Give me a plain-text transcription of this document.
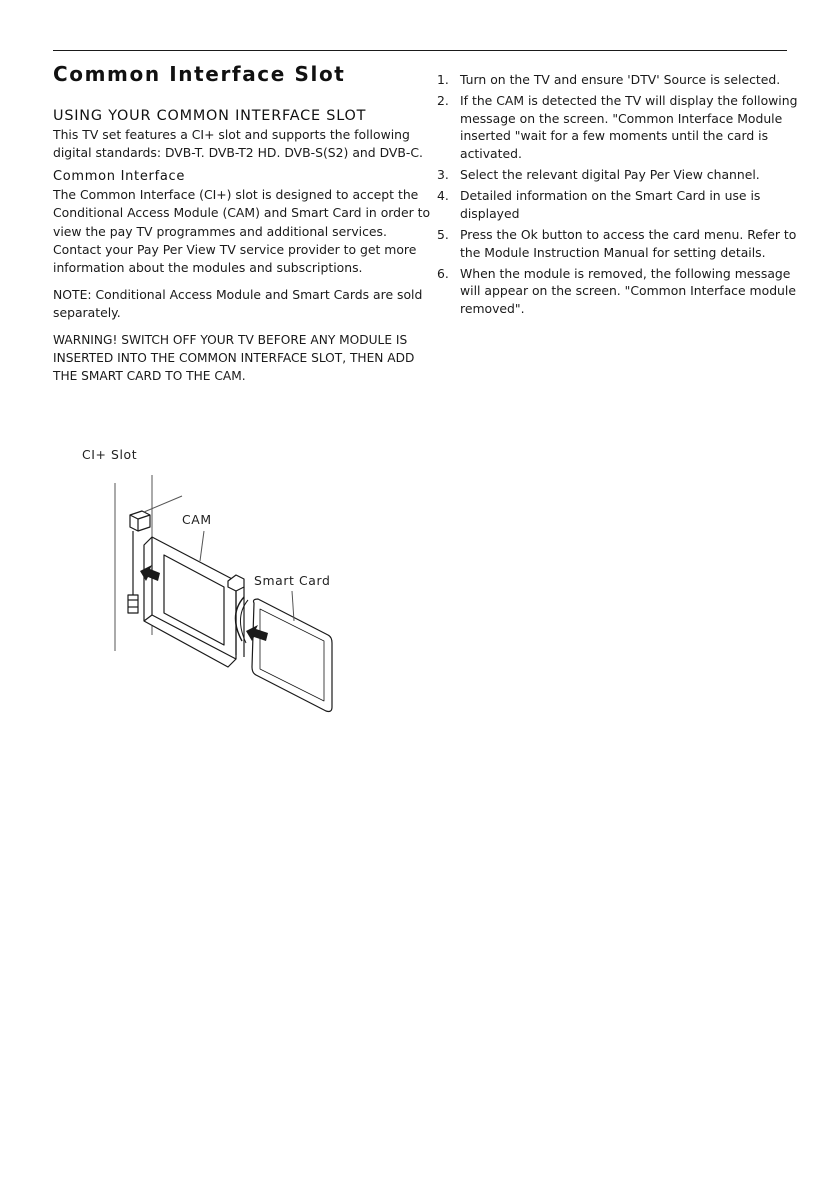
Common Interface Slot
USING YOUR COMMON INTERFACE SLOT

This TV set features a CI+ slot and supports the following digital standards: DVB-T. DVB-T2 HD. DVB-S(S2) and DVB-C.

Common Interface

The Common Interface (CI+) slot is designed to accept the Conditional Access Module (CAM) and Smart Card in order to view the pay TV programmes and additional services. Contact your Pay Per View TV service provider to get more information about the modules and subscriptions.

NOTE: Conditional Access Module and Smart Cards are sold separately.

WARNING! SWITCH OFF YOUR TV BEFORE ANY MODULE IS INSERTED INTO THE COMMON INTERFACE SLOT, THEN ADD THE SMART CARD TO THE CAM.

1. Turn on the TV and ensure 'DTV' Source is selected.
2. If the CAM is detected the TV will display the following message on the screen. "Common Interface Module inserted "wait for a few moments until the card is activated.
3. Select the relevant digital Pay Per View channel.
4. Detailed information on the Smart Card in use is displayed
5. Press the Ok button to access the card menu. Refer to the Module Instruction Manual for setting details.
6. When the module is removed, the following message will appear on the screen. "Common Interface module removed".
CI+ Slot
CAM
Smart Card
